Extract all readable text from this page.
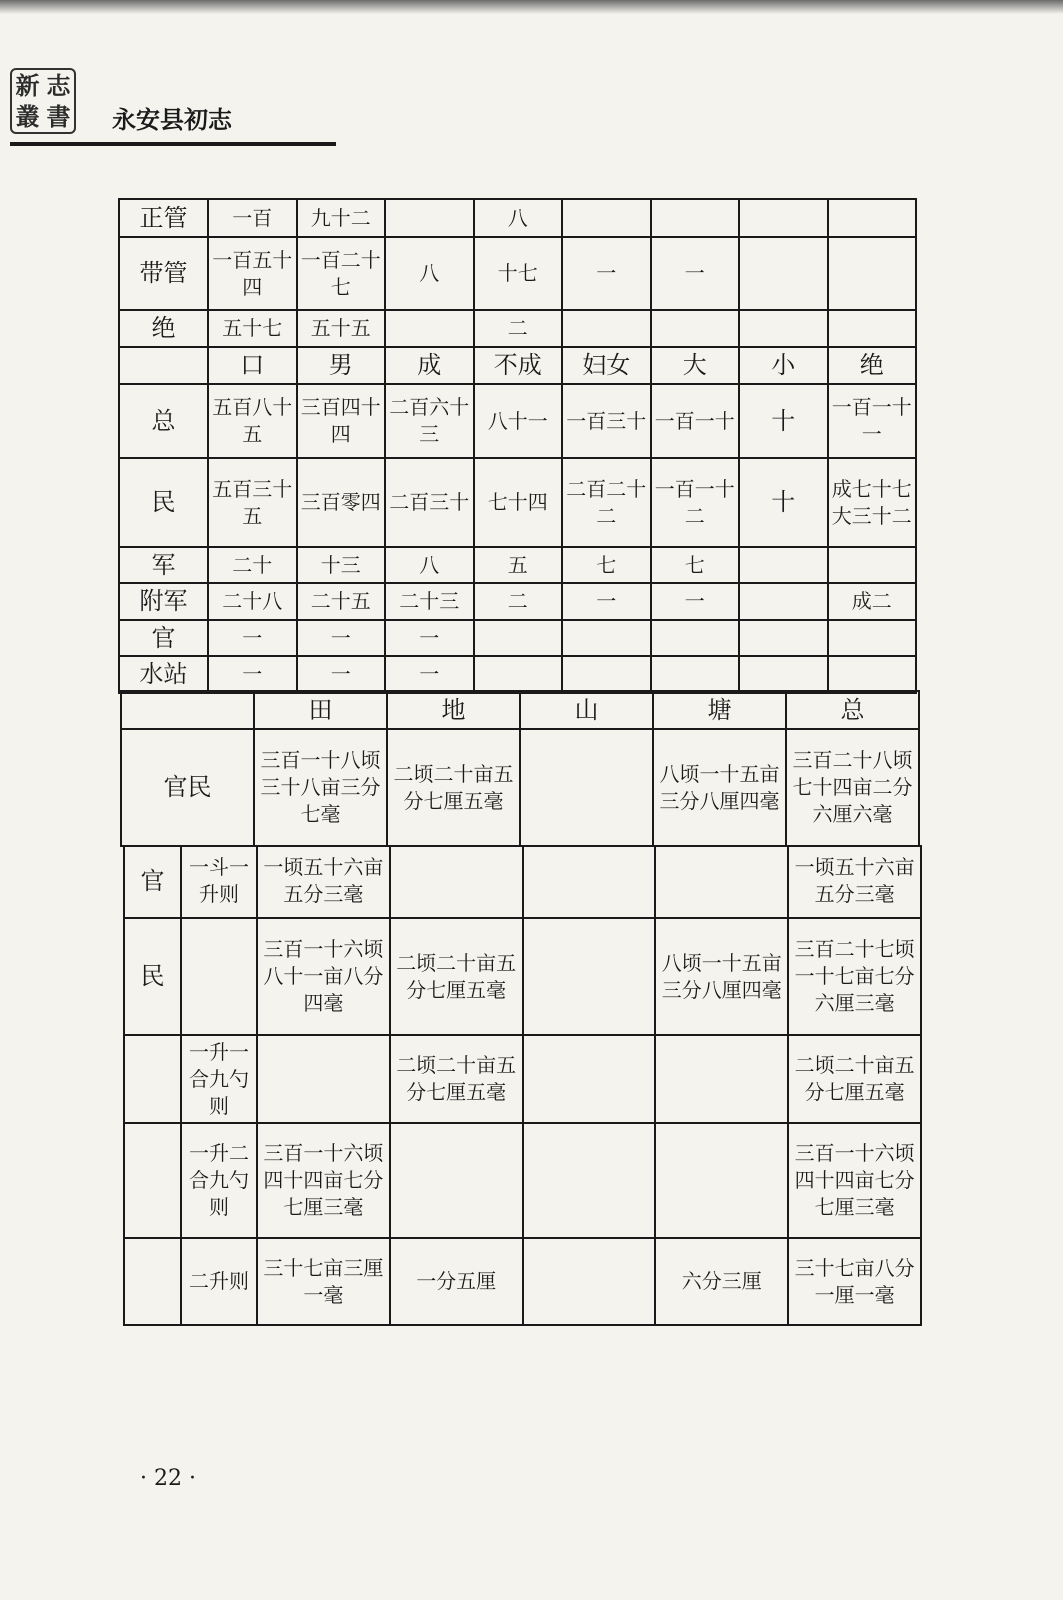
新 志
叢 書 永安县初志
正管	一百	九十二		八				
带管	一百五十四	一百二十七	八	十七	一	一		
绝	五十七	五十五		二				
	口	男	成	不成	妇女	大	小	绝
总	五百八十五	三百四十四	二百六十三	八十一	一百三十	一百一十	十	一百一十一
民	五百三十五	三百零四	二百三十	七十四	二百二十二	一百一十二	十	成七十七大三十二
军	二十	十三	八	五	七	七		
附军	二十八	二十五	二十三	二	一	一		成二
官	一	一	一					
水站	一	一	一					
	田	地	山	塘	总
官民	三百一十八顷三十八亩三分七毫	二顷二十亩五分七厘五毫		八顷一十五亩三分八厘四毫	三百二十八顷七十四亩二分六厘六毫
官	一斗一升则	一顷五十六亩五分三毫				一顷五十六亩五分三毫
民		三百一十六顷八十一亩八分四毫	二顷二十亩五分七厘五毫		八顷一十五亩三分八厘四毫	三百二十七顷一十七亩七分六厘三毫
	一升一合九勺则		二顷二十亩五分七厘五毫			二顷二十亩五分七厘五毫
	一升二合九勺则	三百一十六顷四十四亩七分七厘三毫				三百一十六顷四十四亩七分七厘三毫
	二升则	三十七亩三厘一毫	一分五厘		六分三厘	三十七亩八分一厘一毫
· 22 ·
